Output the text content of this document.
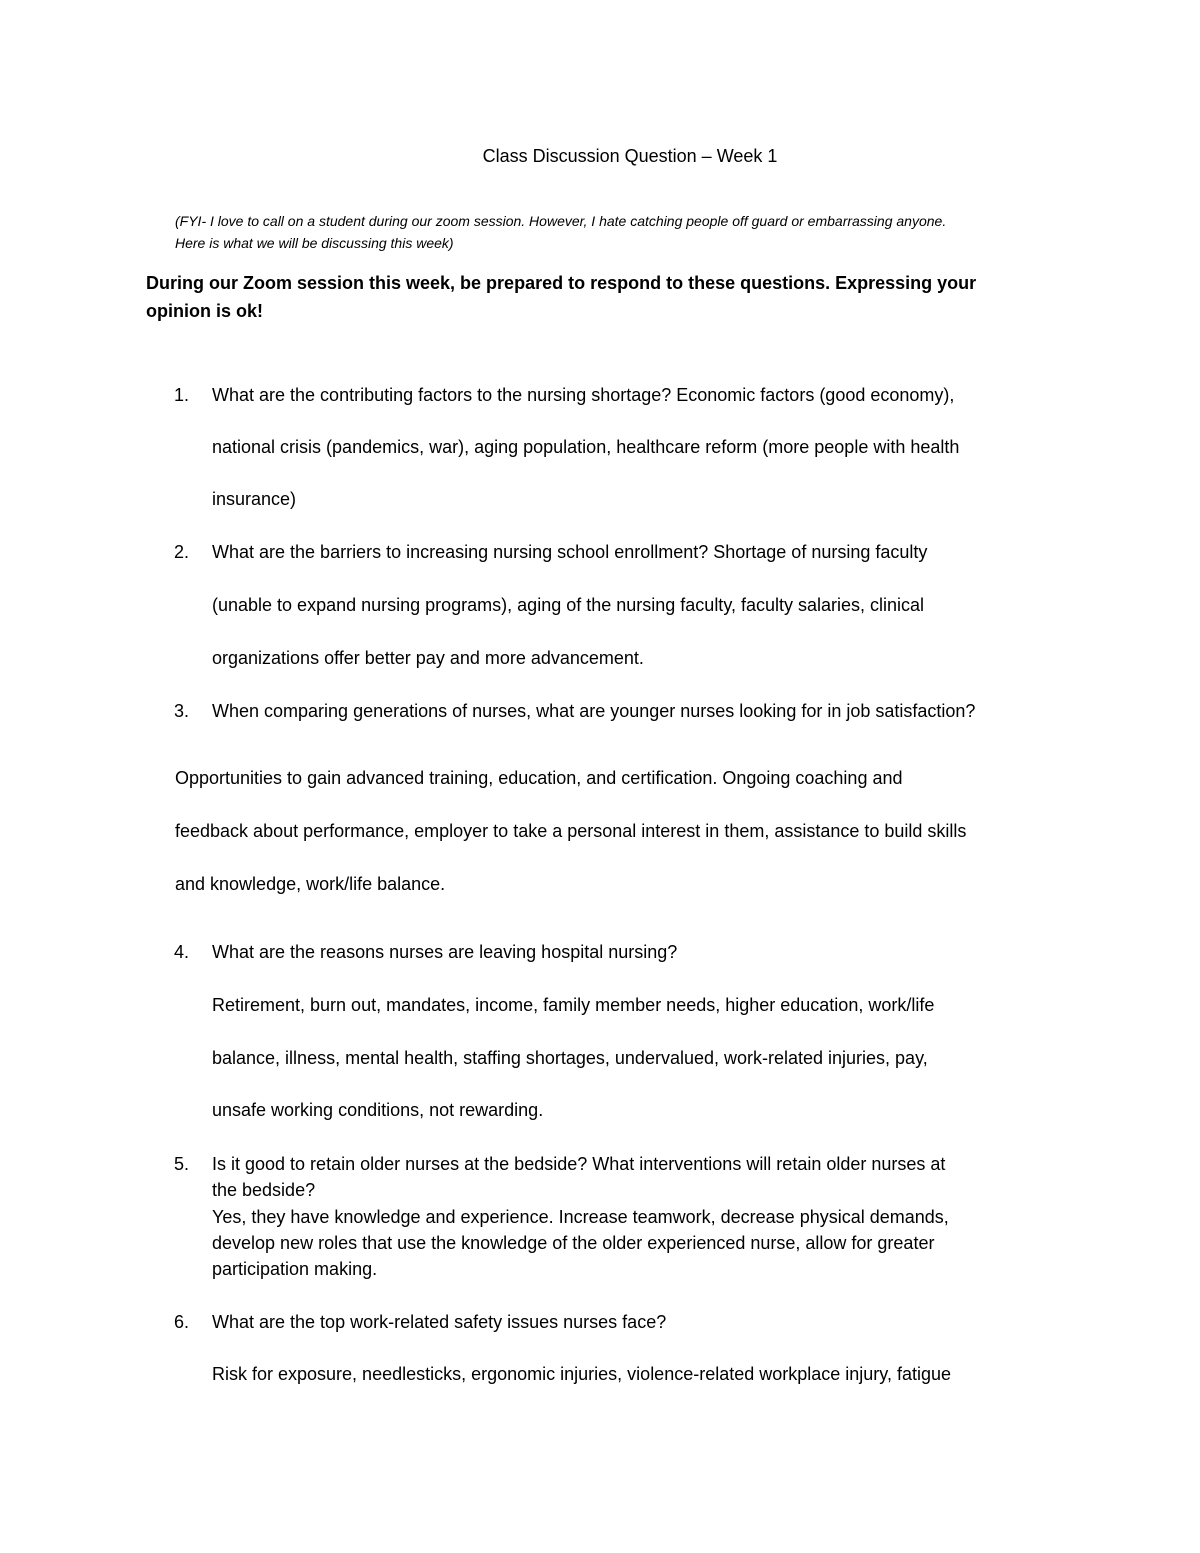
Class Discussion Question – Week 1
(FYI- I love to call on a student during our zoom session. However, I hate catching people off guard or embarrassing anyone.
Here is what we will be discussing this week)
During our Zoom session this week, be prepared to respond to these questions. Expressing your
opinion is ok!
1. What are the contributing factors to the nursing shortage? Economic factors (good economy),
national crisis (pandemics, war), aging population, healthcare reform (more people with health
insurance)
2. What are the barriers to increasing nursing school enrollment? Shortage of nursing faculty
(unable to expand nursing programs), aging of the nursing faculty, faculty salaries, clinical
organizations offer better pay and more advancement.
3. When comparing generations of nurses, what are younger nurses looking for in job satisfaction?
Opportunities to gain advanced training, education, and certification. Ongoing coaching and
feedback about performance, employer to take a personal interest in them, assistance to build skills
and knowledge, work/life balance.
4. What are the reasons nurses are leaving hospital nursing?
Retirement, burn out, mandates, income, family member needs, higher education, work/life
balance, illness, mental health, staffing shortages, undervalued, work-related injuries, pay,
unsafe working conditions, not rewarding.
5. Is it good to retain older nurses at the bedside? What interventions will retain older nurses at
the bedside?
Yes, they have knowledge and experience. Increase teamwork, decrease physical demands,
develop new roles that use the knowledge of the older experienced nurse, allow for greater
participation making.
6. What are the top work-related safety issues nurses face?
Risk for exposure, needlesticks, ergonomic injuries, violence-related workplace injury, fatigue
